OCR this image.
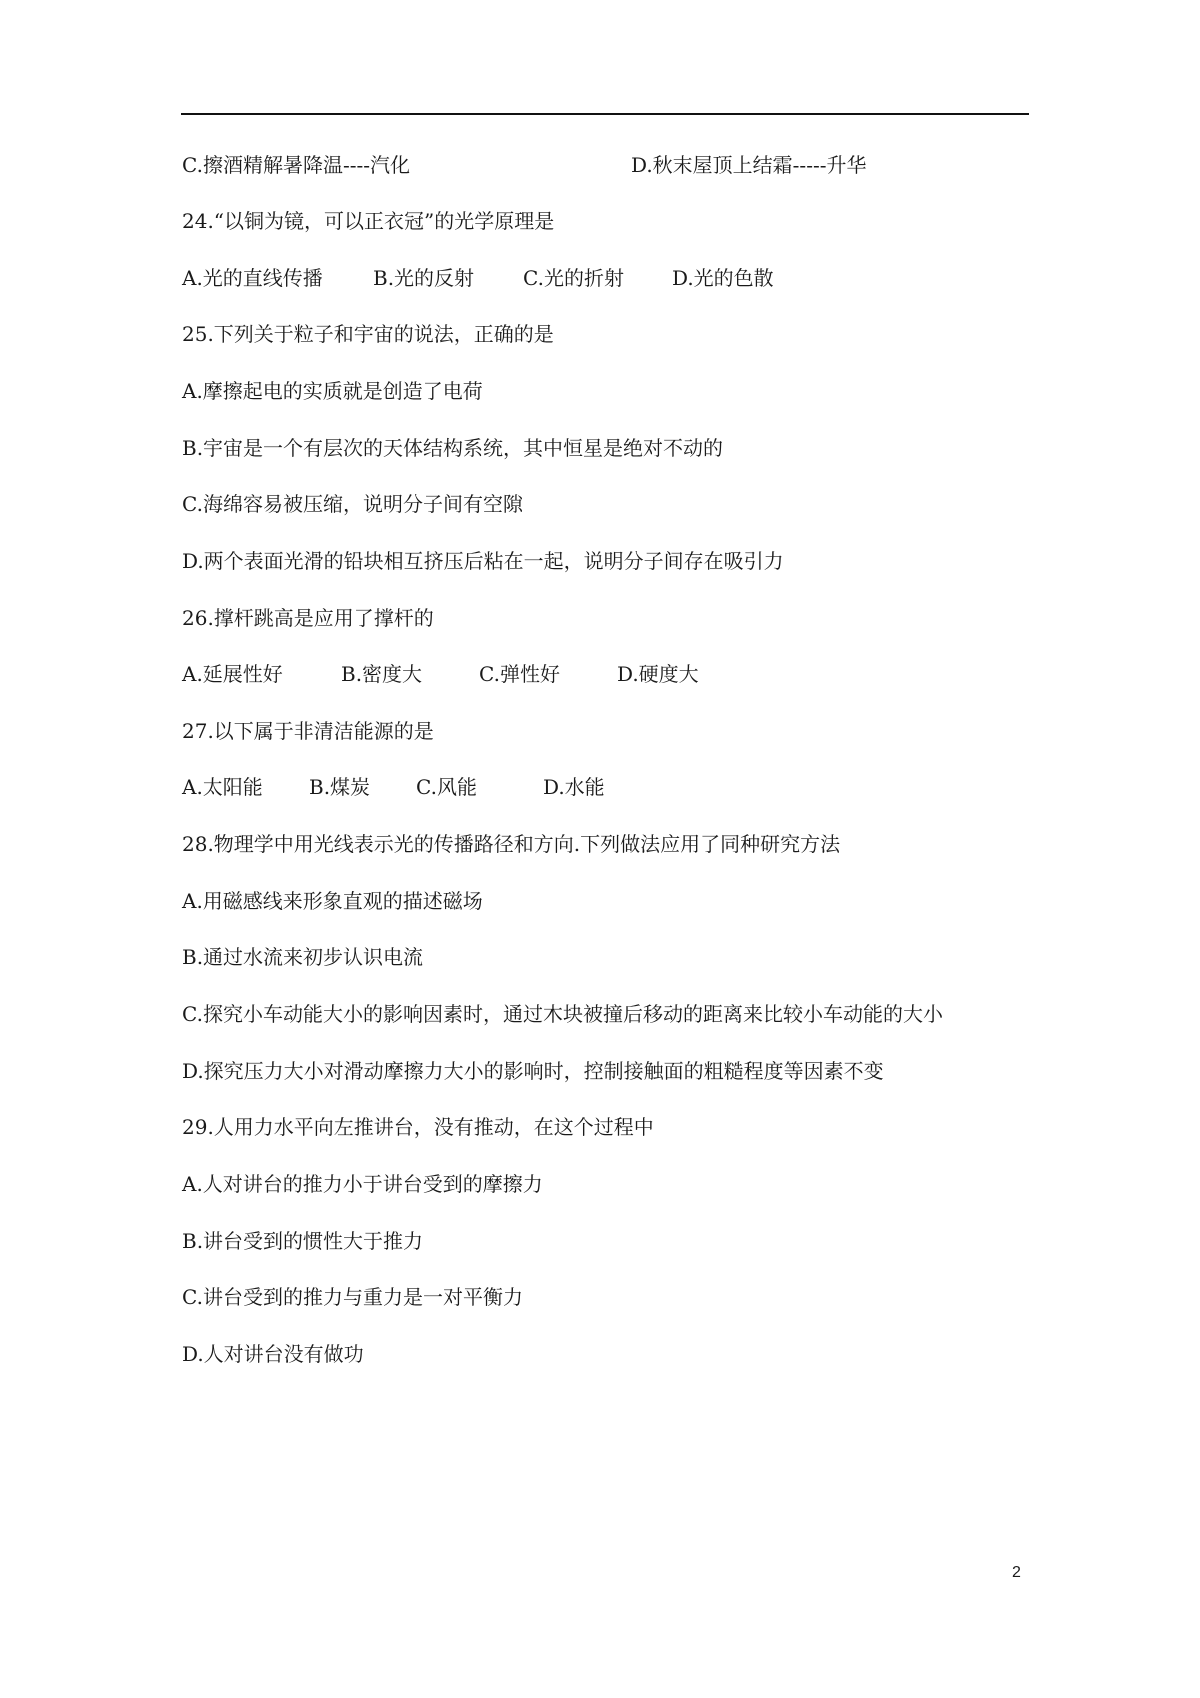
C.擦酒精解暑降温----汽化	D.秋末屋顶上结霜-----升华
24.“以铜为镜，可以正衣冠”的光学原理是
A.光的直线传播	B.光的反射 C.光的折射 D.光的色散
25.下列关于粒子和宇宙的说法，正确的是
A.摩擦起电的实质就是创造了电荷
B.宇宙是一个有层次的天体结构系统，其中恒星是绝对不动的
C.海绵容易被压缩，说明分子间有空隙
D.两个表面光滑的铅块相互挤压后粘在一起，说明分子间存在吸引力
26.撑杆跳高是应用了撑杆的
A.延展性好	B.密度大	C.弹性好	D.硬度大
27.以下属于非清洁能源的是
A.太阳能 B.煤炭 C.风能	D.水能
28.物理学中用光线表示光的传播路径和方向.下列做法应用了同种研究方法
A.用磁感线来形象直观的描述磁场
B.通过水流来初步认识电流
C.探究小车动能大小的影响因素时，通过木块被撞后移动的距离来比较小车动能的大小
D.探究压力大小对滑动摩擦力大小的影响时，控制接触面的粗糙程度等因素不变
29.人用力水平向左推讲台，没有推动，在这个过程中
A.人对讲台的推力小于讲台受到的摩擦力
B.讲台受到的惯性大于推力
C.讲台受到的推力与重力是一对平衡力
D.人对讲台没有做功
2
